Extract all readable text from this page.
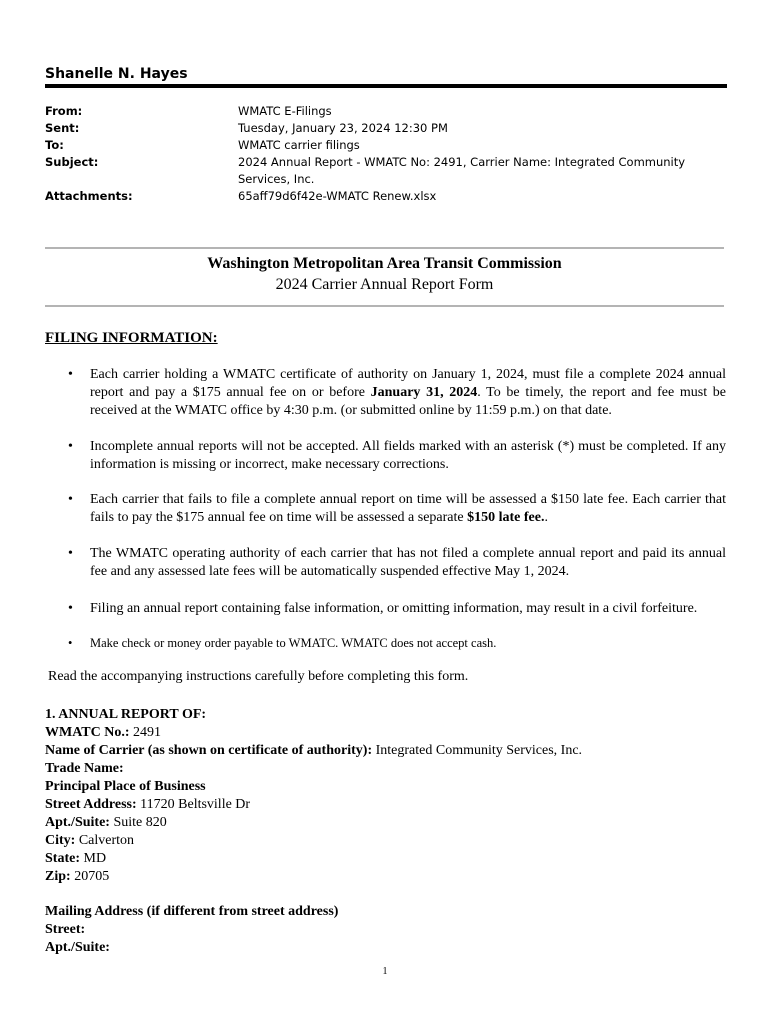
Shanelle N. Hayes
From:	WMATC E-Filings
Sent:	Tuesday, January 23, 2024 12:30 PM
To:	WMATC carrier filings
Subject:	2024 Annual Report - WMATC No: 2491, Carrier Name: Integrated Community Services, Inc.
Attachments:	65aff79d6f42e-WMATC Renew.xlsx
Washington Metropolitan Area Transit Commission
2024 Carrier Annual Report Form
FILING INFORMATION:
• Each carrier holding a WMATC certificate of authority on January 1, 2024, must file a complete 2024 annual report and pay a $175 annual fee on or before January 31, 2024. To be timely, the report and fee must be received at the WMATC office by 4:30 p.m. (or submitted online by 11:59 p.m.) on that date.
• Incomplete annual reports will not be accepted. All fields marked with an asterisk (*) must be completed. If any information is missing or incorrect, make necessary corrections.
• Each carrier that fails to file a complete annual report on time will be assessed a $150 late fee. Each carrier that fails to pay the $175 annual fee on time will be assessed a separate $150 late fee..
• The WMATC operating authority of each carrier that has not filed a complete annual report and paid its annual fee and any assessed late fees will be automatically suspended effective May 1, 2024.
• Filing an annual report containing false information, or omitting information, may result in a civil forfeiture.
• Make check or money order payable to WMATC. WMATC does not accept cash.
Read the accompanying instructions carefully before completing this form.
1. ANNUAL REPORT OF:
WMATC No.: 2491
Name of Carrier (as shown on certificate of authority): Integrated Community Services, Inc.
Trade Name:
Principal Place of Business
Street Address: 11720 Beltsville Dr
Apt./Suite: Suite 820
City: Calverton
State: MD
Zip: 20705
Mailing Address (if different from street address)
Street:
Apt./Suite:
1
